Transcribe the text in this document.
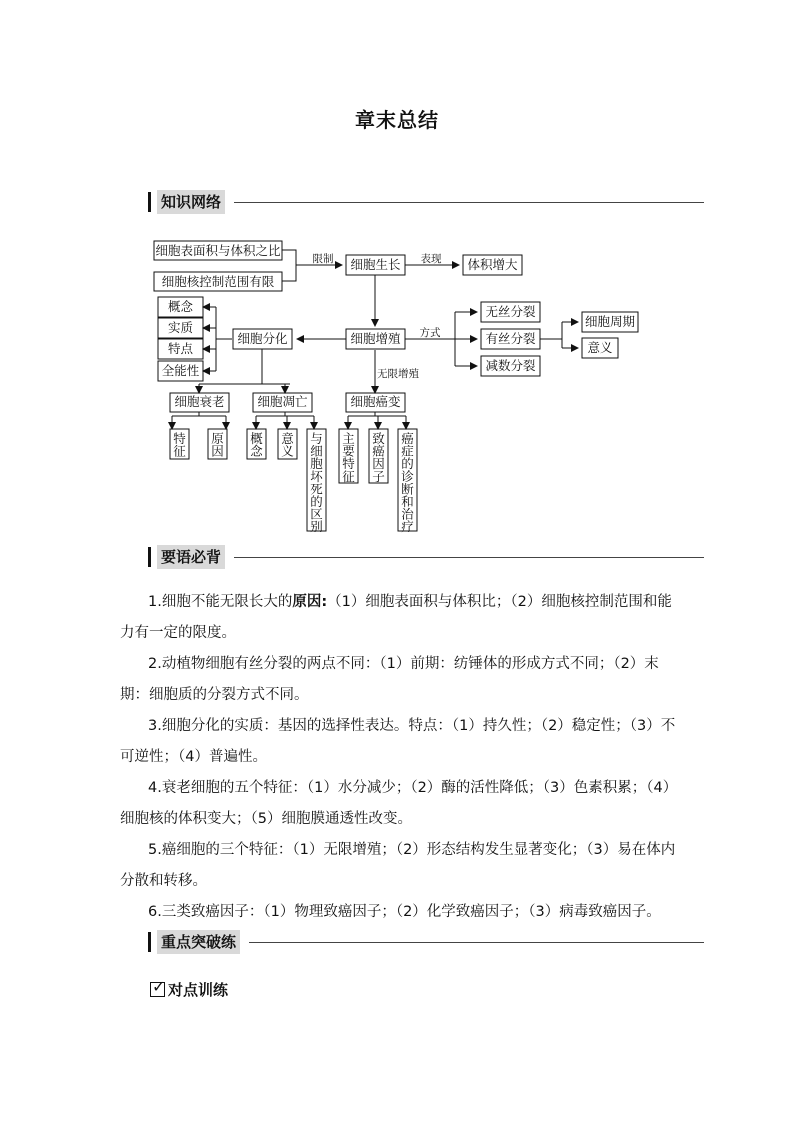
章末总结
知识网络
细胞表面积与体积之比
细胞核控制范围有限
限制 细胞生长 表现 体积增大
概念
实质
特点
全能性
细胞分化	细胞增殖 方式
无丝分裂
有丝分裂
减数分裂
细胞周期
意义
无限增殖
细胞衰老	细胞凋亡	细胞癌变
特征
原因
概念
意义
与细胞坏死的区别
主要特征
致癌因子
癌症的诊断和治疗
要语必背
1.细胞不能无限长大的原因:（1）细胞表面积与体积比；（2）细胞核控制范围和能力有一定的限度。
2.动植物细胞有丝分裂的两点不同：（1）前期：纺锤体的形成方式不同；（2）末期：细胞质的分裂方式不同。
3.细胞分化的实质：基因的选择性表达。特点：（1）持久性；（2）稳定性；（3）不可逆性；（4）普遍性。
4.衰老细胞的五个特征：（1）水分减少；（2）酶的活性降低；（3）色素积累；（4）细胞核的体积变大；（5）细胞膜通透性改变。
5.癌细胞的三个特征：（1）无限增殖；（2）形态结构发生显著变化；（3）易在体内分散和转移。
6.三类致癌因子：（1）物理致癌因子；（2）化学致癌因子；（3）病毒致癌因子。
重点突破练
✓ 对点训练
